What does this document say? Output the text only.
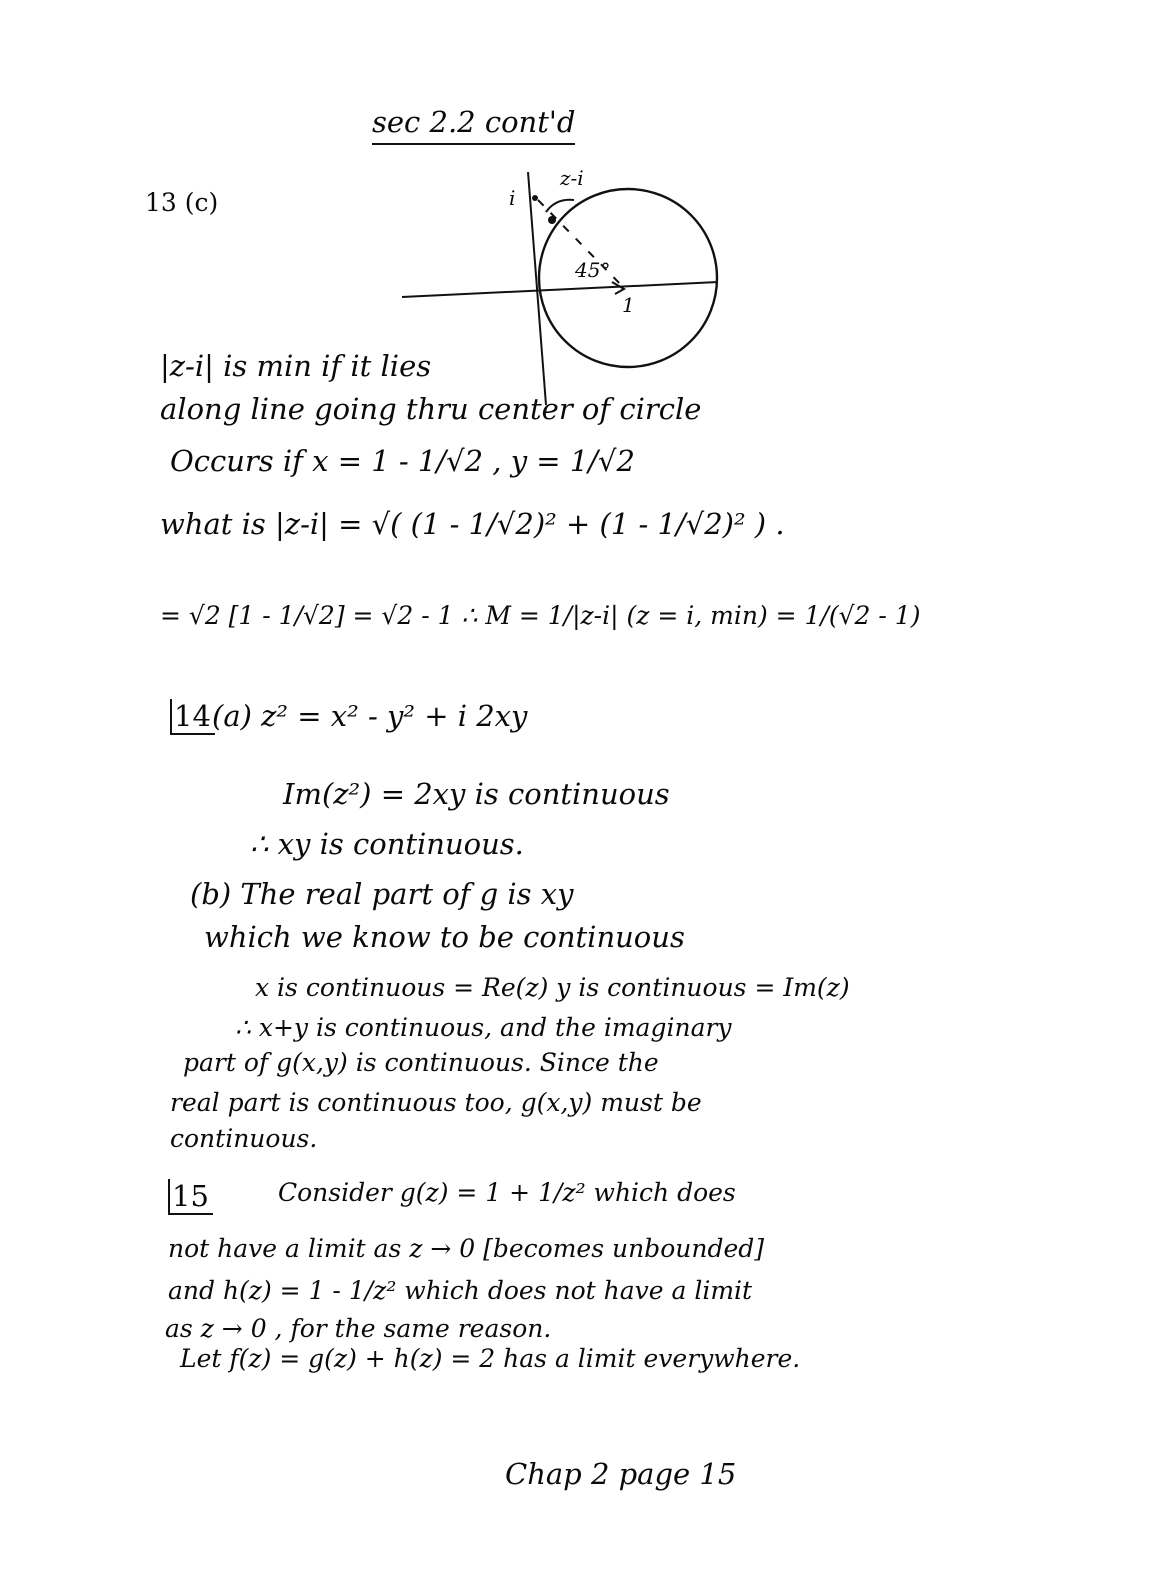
sec 2.2 cont'd
13 (c)	i
z-i
45°
1
|z-i| is min if it lies
along line going thru center of circle
Occurs if x = 1 - 1/√2 , y = 1/√2
what is |z-i| = √( (1 - 1/√2)² + (1 - 1/√2)² ) .
= √2 [1 - 1/√2] = √2 - 1 ∴ M = 1/|z-i| (z = i, min) = 1/(√2 - 1)
14 (a) z² = x² - y² + i 2xy
Im(z²) = 2xy is continuous
∴ xy is continuous.
(b) The real part of g is xy
which we know to be continuous
x is continuous = Re(z) y is continuous = Im(z)
∴ x+y is continuous, and the imaginary
part of g(x,y) is continuous. Since the
real part is continuous too, g(x,y) must be
continuous.
15	Consider g(z) = 1 + 1/z² which does
not have a limit as z → 0 [becomes unbounded]
and h(z) = 1 - 1/z² which does not have a limit
as z → 0 , for the same reason.
Let f(z) = g(z) + h(z) = 2 has a limit everywhere.
Chap 2 page 15
